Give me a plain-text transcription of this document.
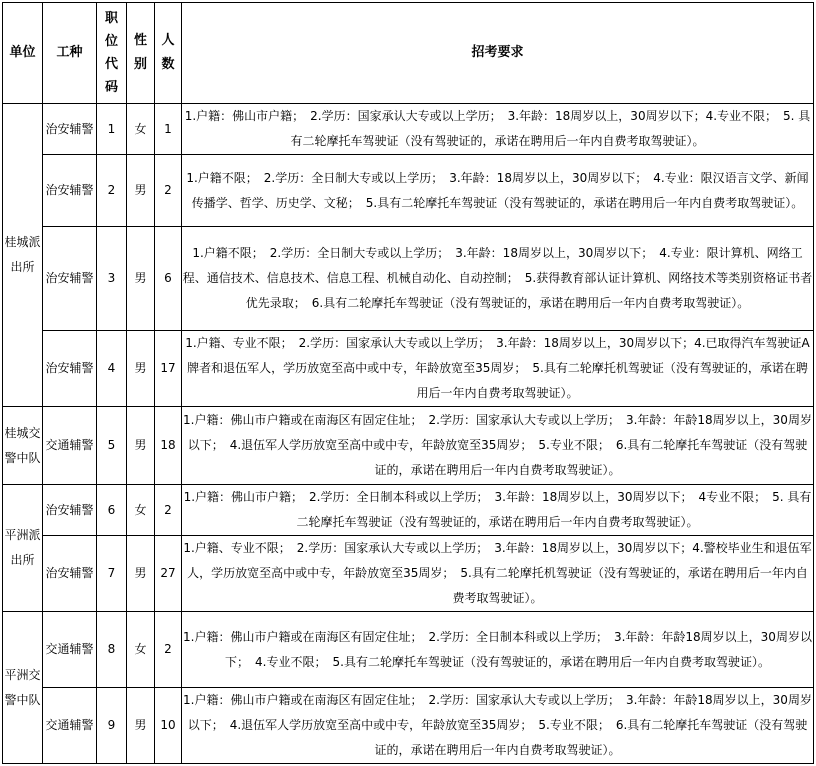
单位	工种	职位代码	性别	人数	招考要求
桂城派出所	治安辅警	1	女	1	1.户籍：佛山市户籍；　2.学历：国家承认大专或以上学历；　3.年龄：18周岁以上，30周岁以下；4.专业不限；　5. 具有二轮摩托车驾驶证（没有驾驶证的，承诺在聘用后一年内自费考取驾驶证）。
	治安辅警	2	男	2	1.户籍不限；　2.学历：全日制大专或以上学历；　3.年龄：18周岁以上，30周岁以下；　4.专业：限汉语言文学、新闻传播学、哲学、历史学、文秘；　5.具有二轮摩托车驾驶证（没有驾驶证的，承诺在聘用后一年内自费考取驾驶证）。
	治安辅警	3	男	6	1.户籍不限；　2.学历：全日制大专或以上学历；　3.年龄：18周岁以上，30周岁以下；　4.专业：限计算机、网络工程、通信技术、信息技术、信息工程、机械自动化、自动控制；　5.获得教育部认证计算机、网络技术等类别资格证书者优先录取；　6.具有二轮摩托车驾驶证（没有驾驶证的，承诺在聘用后一年内自费考取驾驶证）。
	治安辅警	4	男	17	1.户籍、专业不限；　2.学历：国家承认大专或以上学历；　3.年龄：18周岁以上，30周岁以下；4.已取得汽车驾驶证A牌者和退伍军人，学历放宽至高中或中专，年龄放宽至35周岁；　5.具有二轮摩托机驾驶证（没有驾驶证的，承诺在聘用后一年内自费考取驾驶证）。
桂城交警中队	交通辅警	5	男	18	1.户籍：佛山市户籍或在南海区有固定住址；　2.学历：国家承认大专或以上学历；　3.年龄：年龄18周岁以上，30周岁以下；　4.退伍军人学历放宽至高中或中专，年龄放宽至35周岁；　5.专业不限；　6.具有二轮摩托车驾驶证（没有驾驶证的，承诺在聘用后一年内自费考取驾驶证）。
平洲派出所	治安辅警	6	女	2	1.户籍：佛山市户籍；　2.学历：全日制本科或以上学历；　3.年龄：18周岁以上，30周岁以下；　4专业不限；　5. 具有二轮摩托车驾驶证（没有驾驶证的，承诺在聘用后一年内自费考取驾驶证）。
	治安辅警	7	男	27	1.户籍、专业不限；　2.学历：国家承认大专或以上学历；　3.年龄：18周岁以上，30周岁以下；4.警校毕业生和退伍军人，学历放宽至高中或中专，年龄放宽至35周岁；　5.具有二轮摩托机驾驶证（没有驾驶证的，承诺在聘用后一年内自费考取驾驶证）。
平洲交警中队	交通辅警	8	女	2	1.户籍：佛山市户籍或在南海区有固定住址；　2.学历：全日制本科或以上学历；　3.年龄：年龄18周岁以上，30周岁以下；　4.专业不限；　5.具有二轮摩托车驾驶证（没有驾驶证的，承诺在聘用后一年内自费考取驾驶证）。
	交通辅警	9	男	10	1.户籍：佛山市户籍或在南海区有固定住址；　2.学历：国家承认大专或以上学历；　3.年龄：年龄18周岁以上，30周岁以下；　4.退伍军人学历放宽至高中或中专，年龄放宽至35周岁；　5.专业不限；　6.具有二轮摩托车驾驶证（没有驾驶证的，承诺在聘用后一年内自费考取驾驶证）。
